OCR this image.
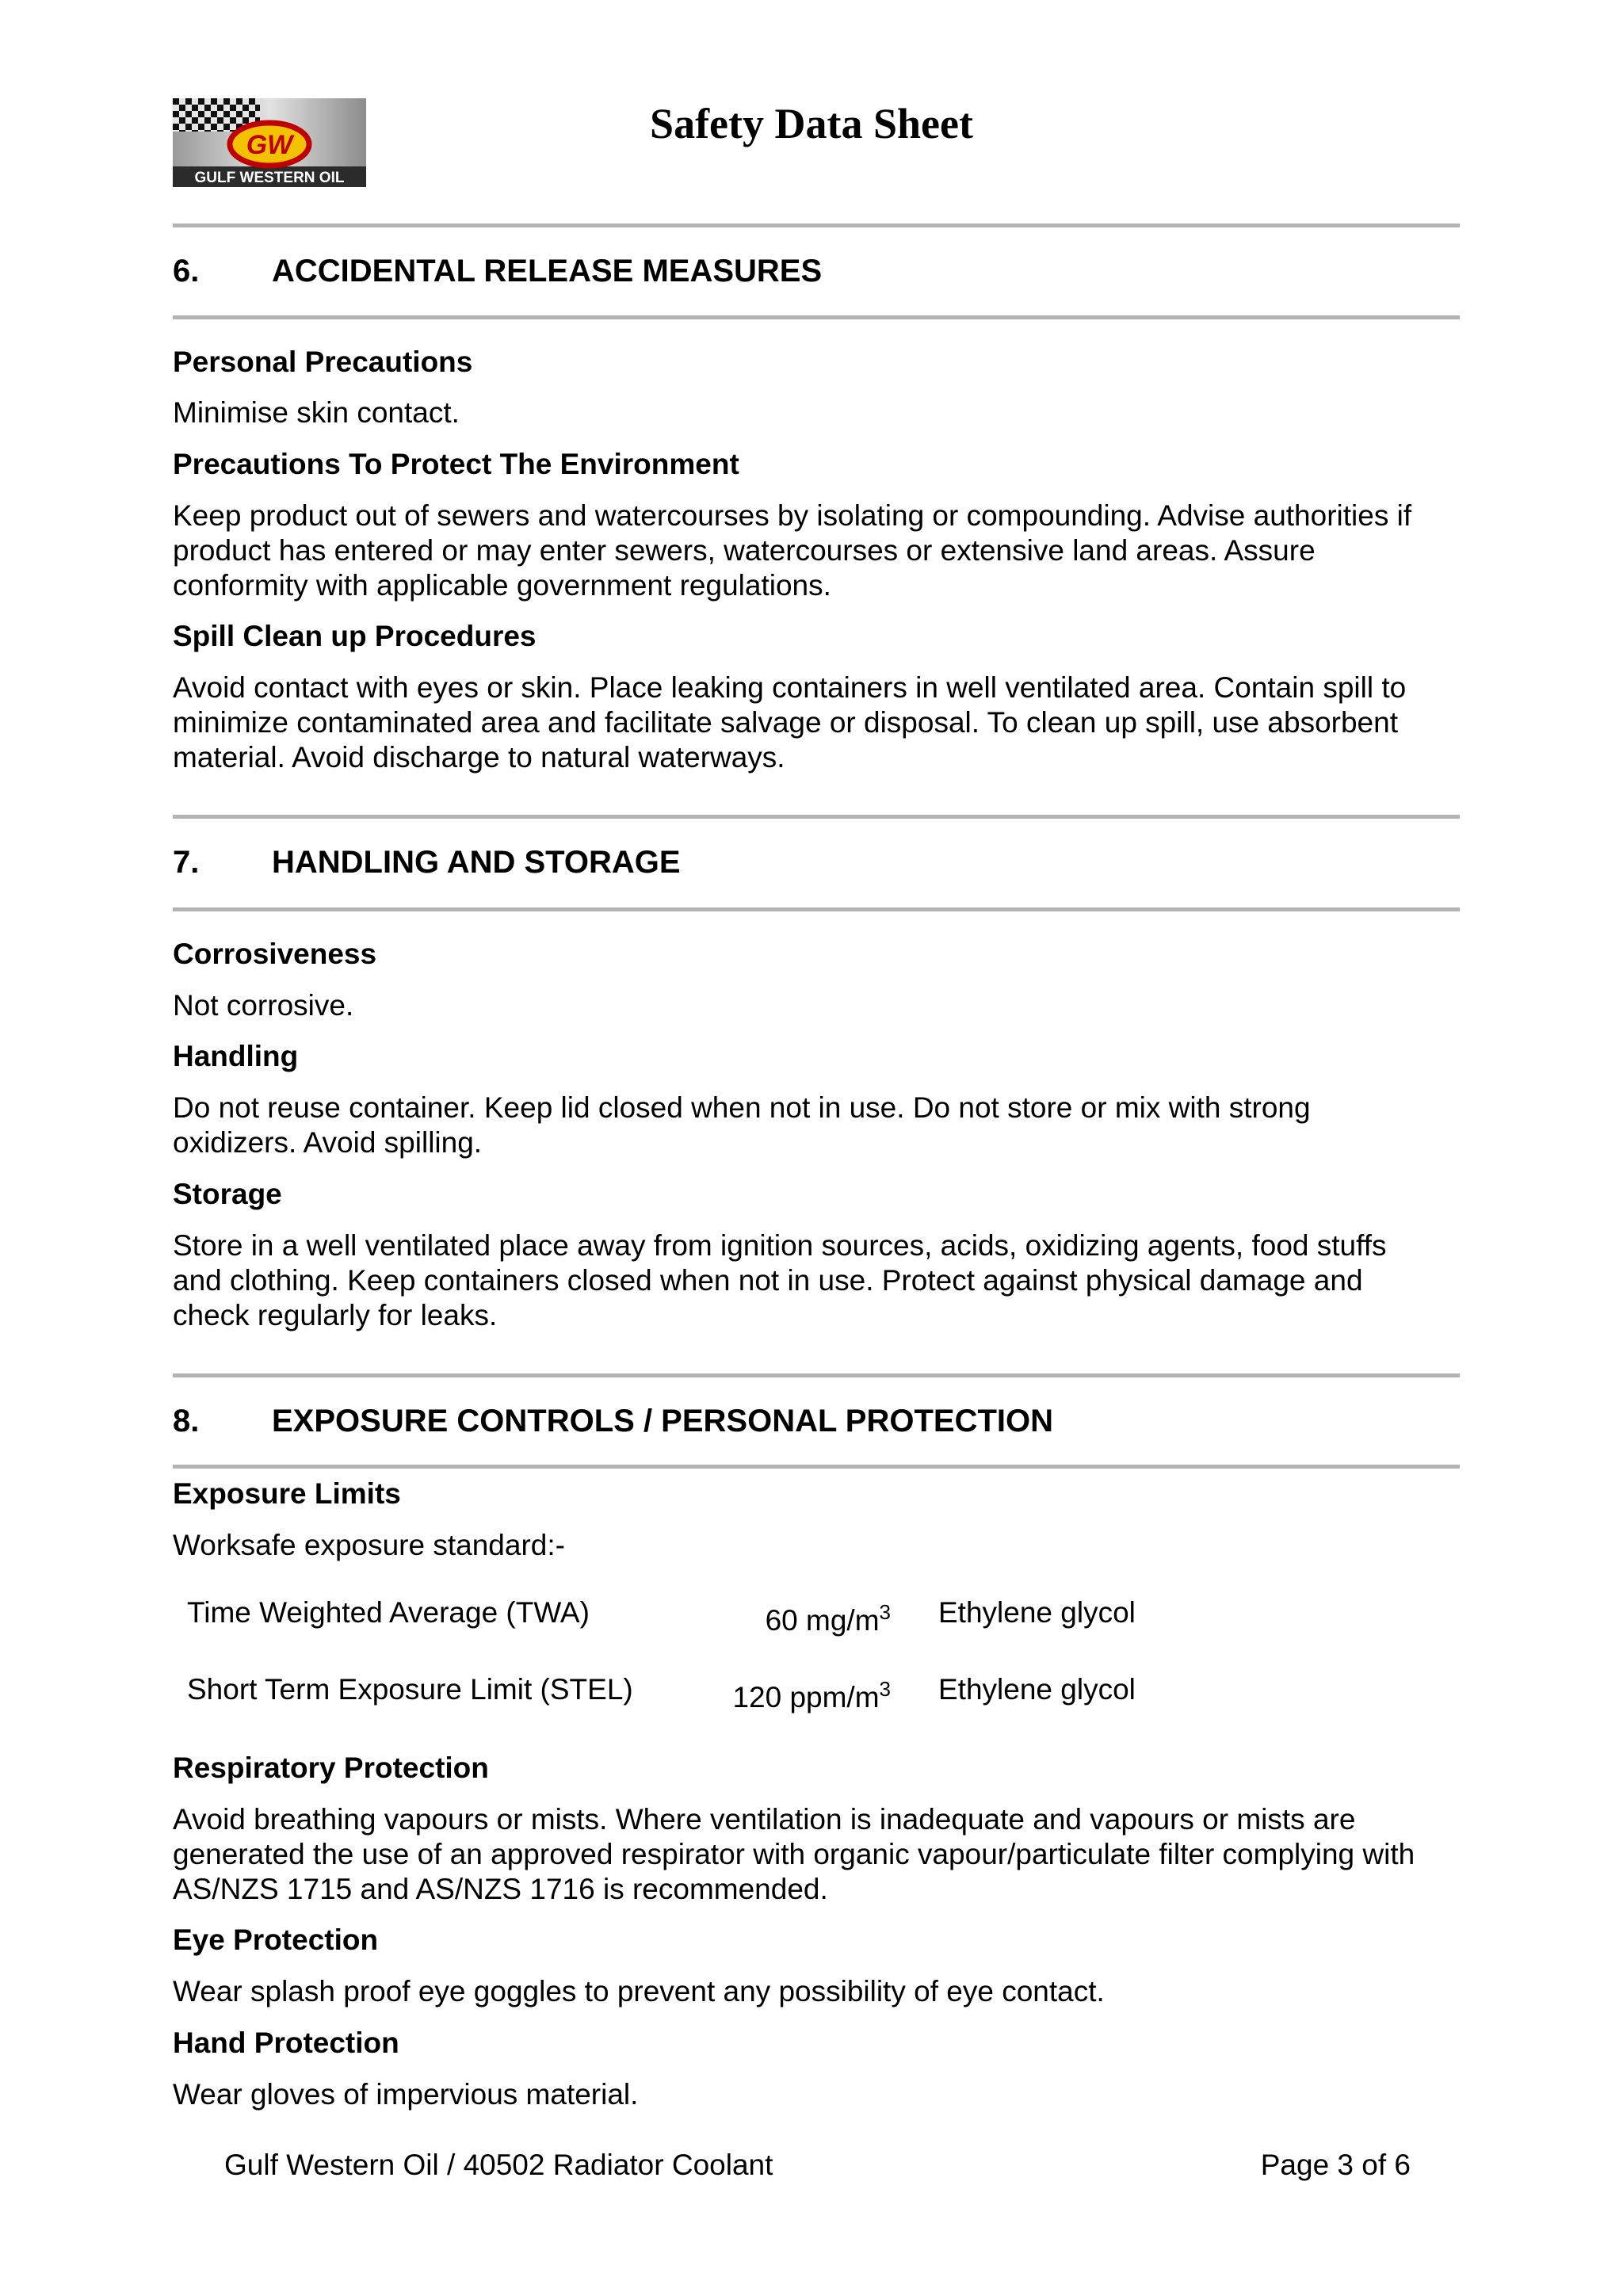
GW
GULF WESTERN OIL
Safety Data Sheet
6. ACCIDENTAL RELEASE MEASURES
Personal Precautions
Minimise skin contact.
Precautions To Protect The Environment
Keep product out of sewers and watercourses by isolating or compounding. Advise authorities if
product has entered or may enter sewers, watercourses or extensive land areas. Assure
conformity with applicable government regulations.
Spill Clean up Procedures
Avoid contact with eyes or skin. Place leaking containers in well ventilated area. Contain spill to
minimize contaminated area and facilitate salvage or disposal. To clean up spill, use absorbent
material. Avoid discharge to natural waterways.
7. HANDLING AND STORAGE
Corrosiveness
Not corrosive.
Handling
Do not reuse container. Keep lid closed when not in use. Do not store or mix with strong
oxidizers. Avoid spilling.
Storage
Store in a well ventilated place away from ignition sources, acids, oxidizing agents, food stuffs
and clothing. Keep containers closed when not in use. Protect against physical damage and
check regularly for leaks.
8. EXPOSURE CONTROLS / PERSONAL PROTECTION
Exposure Limits
Worksafe exposure standard:-
Time Weighted Average (TWA)	60 $mg/m^3$ Ethylene glycol
Short Term Exposure Limit (STEL)	120 ppm/$m^3$ Ethylene glycol
Respiratory Protection
Avoid breathing vapours or mists. Where ventilation is inadequate and vapours or mists are
generated the use of an approved respirator with organic vapour/particulate filter complying with
AS/NZS 1715 and AS/NZS 1716 is recommended.
Eye Protection
Wear splash proof eye goggles to prevent any possibility of eye contact.
Hand Protection
Wear gloves of impervious material.
Gulf Western Oil / 40502 Radiator Coolant	Page 3 of 6
